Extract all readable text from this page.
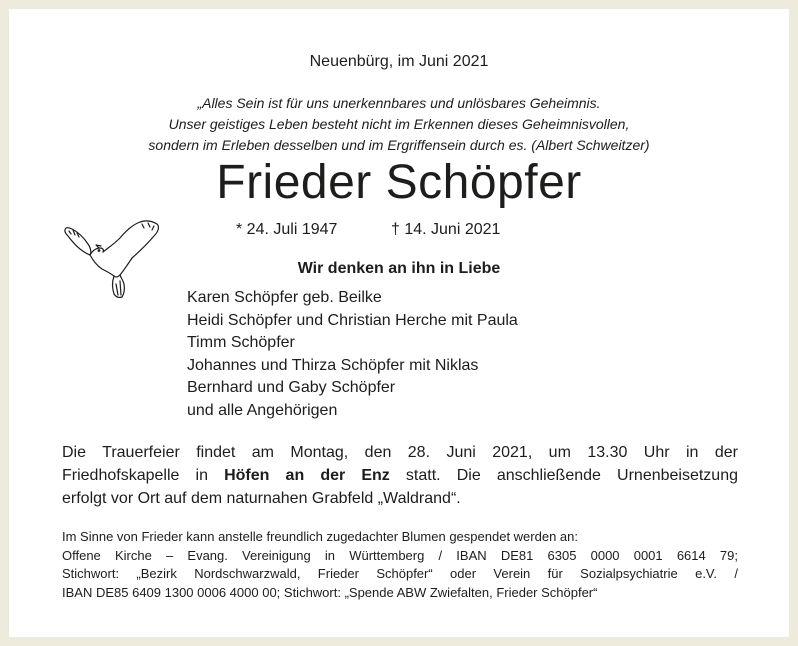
Neuenbürg, im Juni 2021
„Alles Sein ist für uns unerkennbares und unlösbares Geheimnis.
Unser geistiges Leben besteht nicht im Erkennen dieses Geheimnisvollen,
sondern im Erleben desselben und im Ergriffensein durch es. (Albert Schweitzer)
Frieder Schöpfer
* 24. Juli 1947	† 14. Juni 2021
Wir denken an ihn in Liebe
Karen Schöpfer geb. Beilke
Heidi Schöpfer und Christian Herche mit Paula
Timm Schöpfer
Johannes und Thirza Schöpfer mit Niklas
Bernhard und Gaby Schöpfer
und alle Angehörigen
Die Trauerfeier findet am Montag, den 28. Juni 2021, um 13.30 Uhr in der
Friedhofskapelle in Höfen an der Enz statt. Die anschließende Urnenbeisetzung
erfolgt vor Ort auf dem naturnahen Grabfeld „Waldrand“.
Im Sinne von Frieder kann anstelle freundlich zugedachter Blumen gespendet werden an:
Offene Kirche – Evang. Vereinigung in Württemberg / IBAN DE81 6305 0000 0001 6614 79;
Stichwort: „Bezirk Nordschwarzwald, Frieder Schöpfer“ oder Verein für Sozialpsychiatrie e.V. /
IBAN DE85 6409 1300 0006 4000 00; Stichwort: „Spende ABW Zwiefalten, Frieder Schöpfer“
